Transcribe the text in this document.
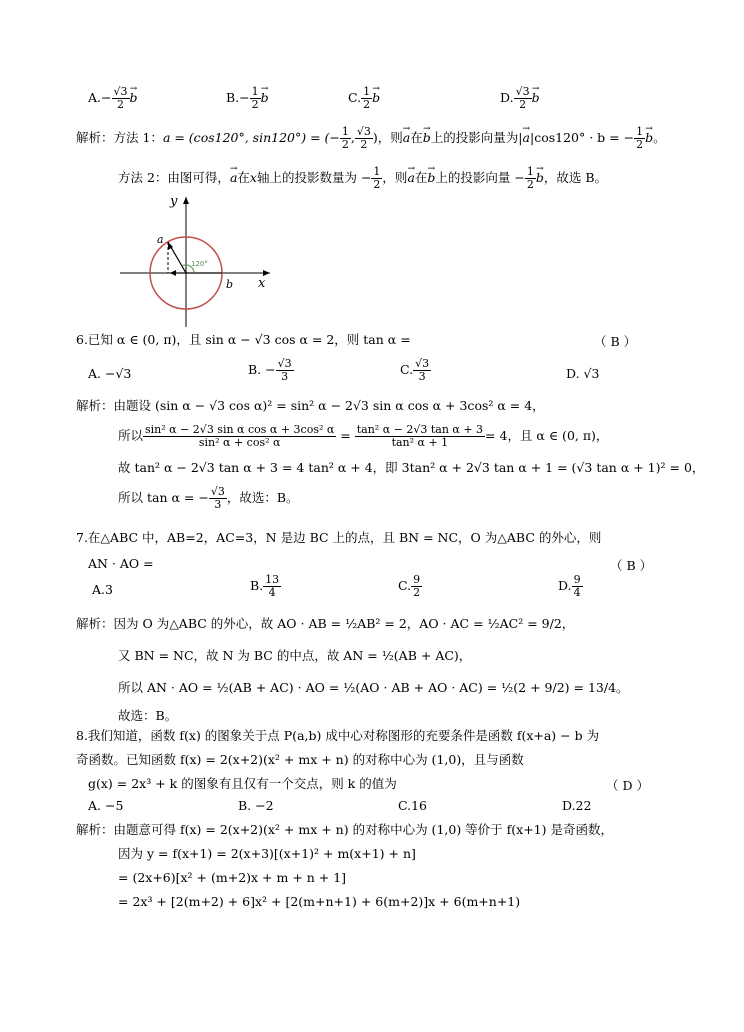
$A.- \frac{√3}{2}$
→ b	$B.- \frac{1}{2}$
→ b	C. $\frac{1}{2}$
→ b	D. $\frac{√3}{2}$
→ b
解析：方法 1：a = (cos120°, sin120°) = (− $\frac{1}{2}$ , $\frac{√3}{2}$ )，则→ a在→ b上的投影向量为|→ a|cos120° · b = − $\frac{1}{2}$
→ b。
方法 2：由图可得，→ a在x轴上的投影数量为 − $\frac{1}{2}$ ，则→ a在→ b上的投影向量 − $\frac{1}{2}$
→ b，故选 B。
y
x
a
b
120°
6.已知 α ∈ (0, π)，且 sin α − √3 cos α = 2，则 tan α =	（ B ）
A. −√3	B. − $\frac{√3}{3}$	C. $\frac{√3}{3}$	D. √3
解析：由题设 (sin α − √3 cos α)² = sin² α − 2√3 sin α cos α + 3cos² α = 4，
所以 $\frac{\text{sin² α − 2√3 sin α cos α + 3cos² α}}{\text{sin² α + cos² α}} = \frac{\text{tan² α − 2√3 tan α + 3}}{\text{tan² α + 1}} = 4$，且 α ∈ (0, π)，
故 tan² α − 2√3 tan α + 3 = 4 tan² α + 4，即 3tan² α + 2√3 tan α + 1 = (√3 tan α + 1)² = 0，
所以 tan α = − $\frac{√3}{3}$ ，故选：B。
7.在△ABC 中，AB=2，AC=3，N 是边 BC 上的点，且 BN = NC，O 为△ABC 的外心，则
AN · AO =	（ B ）
A.3	B. $\frac{13}{4}$	C. $\frac{9}{2}$	D. $\frac{9}{4}$
解析：因为 O 为△ABC 的外心，故 AO · AB = ½AB² = 2，AO · AC = ½AC² = 9/2，
又 BN = NC，故 N 为 BC 的中点，故 AN = ½(AB + AC)，
所以 AN · AO = ½(AB + AC) · AO = ½(AO · AB + AO · AC) = ½(2 + 9/2) = 13/4。
故选：B。
8.我们知道，函数 f(x) 的图象关于点 P(a,b) 成中心对称图形的充要条件是函数 f(x+a) − b 为
奇函数。已知函数 f(x) = 2(x+2)(x² + mx + n) 的对称中心为 (1,0)，且与函数
g(x) = 2x³ + k 的图象有且仅有一个交点，则 k 的值为	（ D ）
A. −5	B. −2	C.16	D.22
解析：由题意可得 f(x) = 2(x+2)(x² + mx + n) 的对称中心为 (1,0) 等价于 f(x+1) 是奇函数，
因为 y = f(x+1) = 2(x+3)[(x+1)² + m(x+1) + n]
= (2x+6)[x² + (m+2)x + m + n + 1]
= 2x³ + [2(m+2) + 6]x² + [2(m+n+1) + 6(m+2)]x + 6(m+n+1)
